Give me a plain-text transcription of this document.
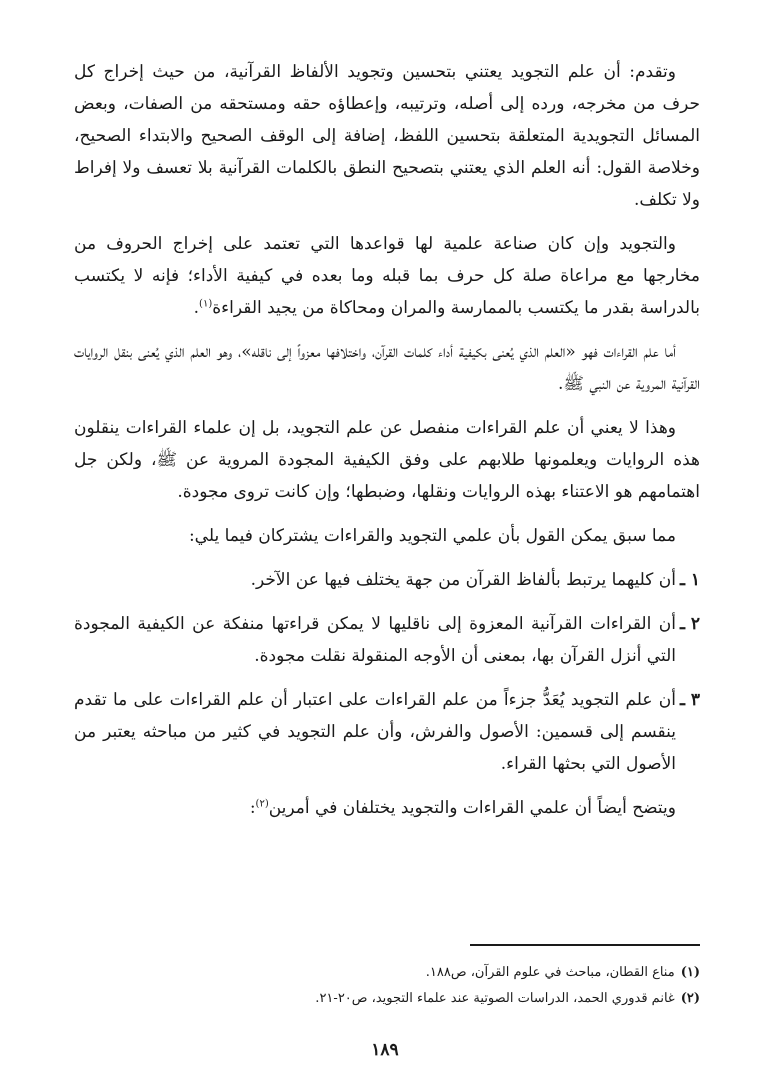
وتقدم: أن علم التجويد يعتني بتحسين وتجويد الألفاظ القرآنية، من حيث إخراج كل حرف من مخرجه، ورده إلى أصله، وترتيبه، وإعطاؤه حقه ومستحقه من الصفات، وبعض المسائل التجويدية المتعلقة بتحسين اللفظ، إضافة إلى الوقف الصحيح والابتداء الصحيح، وخلاصة القول: أنه العلم الذي يعتني بتصحيح النطق بالكلمات القرآنية بلا تعسف ولا إفراط ولا تكلف.

والتجويد وإن كان صناعة علمية لها قواعدها التي تعتمد على إخراج الحروف من مخارجها مع مراعاة صلة كل حرف بما قبله وما بعده في كيفية الأداء؛ فإنه لا يكتسب بالدراسة بقدر ما يكتسب بالممارسة والمران ومحاكاة من يجيد القراءة$^{(١)}$.

أما علم القراءات فهو «العلم الذي يُعنى بكيفية أداء كلمات القرآن، واختلافها معزواً إلى ناقله»، وهو العلم الذي يُعنى بنقل الروايات القرآنية المروية عن النبي ﷺ.

وهذا لا يعني أن علم القراءات منفصل عن علم التجويد، بل إن علماء القراءات ينقلون هذه الروايات ويعلمونها طلابهم على وفق الكيفية المجودة المروية عن ﷺ، ولكن جل اهتمامهم هو الاعتناء بهذه الروايات ونقلها، وضبطها؛ وإن كانت تروى مجودة.

مما سبق يمكن القول بأن علمي التجويد والقراءات يشتركان فيما يلي:

١ ـأن كليهما يرتبط بألفاظ القرآن من جهة يختلف فيها عن الآخر.

٢ ـأن القراءات القرآنية المعزوة إلى ناقليها لا يمكن قراءتها منفكة عن الكيفية المجودة التي أنزل القرآن بها، بمعنى أن الأوجه المنقولة نقلت مجودة.

٣ ـأن علم التجويد يُعَدُّ جزءاً من علم القراءات على اعتبار أن علم القراءات على ما تقدم ينقسم إلى قسمين: الأصول والفرش، وأن علم التجويد في كثير من مباحثه يعتبر من الأصول التي بحثها القراء.

ويتضح أيضاً أن علمي القراءات والتجويد يختلفان في أمرين$^{(٢)}$:

(١)مناع القطان، مباحث في علوم القرآن، ص١٨٨.
(٢)غانم قدوري الحمد، الدراسات الصوتية عند علماء التجويد، ص٢٠-٢١.
١٨٩
